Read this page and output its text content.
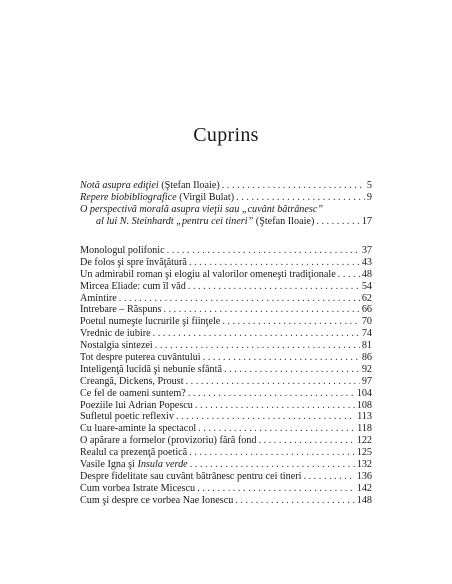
Cuprins
Notă asupra ediţiei (Ştefan Iloaie) . . .	5
Repere biobibliografice (Virgil Bulat) . . .	9
O perspectivă morală asupra vieţii sau „cuvânt bătrânesc”
al lui N. Steinhardt „pentru cei tineri” (Ştefan Iloaie) . . .	17
Monologul polifonic . . .	37
De folos şi spre învăţătură . . .	43
Un admirabil roman şi elogiu al valorilor omeneşti tradiţionale . . .	48
Mircea Eliade: cum îl văd . . .	54
Amintire . . .	62
Întrebare – Răspuns . . .	66
Poetul numeşte lucrurile şi fiinţele . . .	70
Vrednic de iubire . . .	74
Nostalgia sintezei . . .	81
Tot despre puterea cuvântului . . .	86
Inteligenţă lucidă şi nebunie sfântă . . .	92
Creangă, Dickens, Proust . . .	97
Ce fel de oameni suntem? . . .	104
Poeziile lui Adrian Popescu . . .	108
Sufletul poetic reflexiv . . .	113
Cu luare-aminte la spectacol . . .	118
O apărare a formelor (provizoriu) fără fond . . .	122
Realul ca prezenţă poetică . . .	125
Vasile Igna şi Insula verde . . .	132
Despre fidelitate sau cuvânt bătrânesc pentru cei tineri . . .	136
Cum vorbea Istrate Micescu . . .	142
Cum şi despre ce vorbea Nae Ionescu . . .	148
